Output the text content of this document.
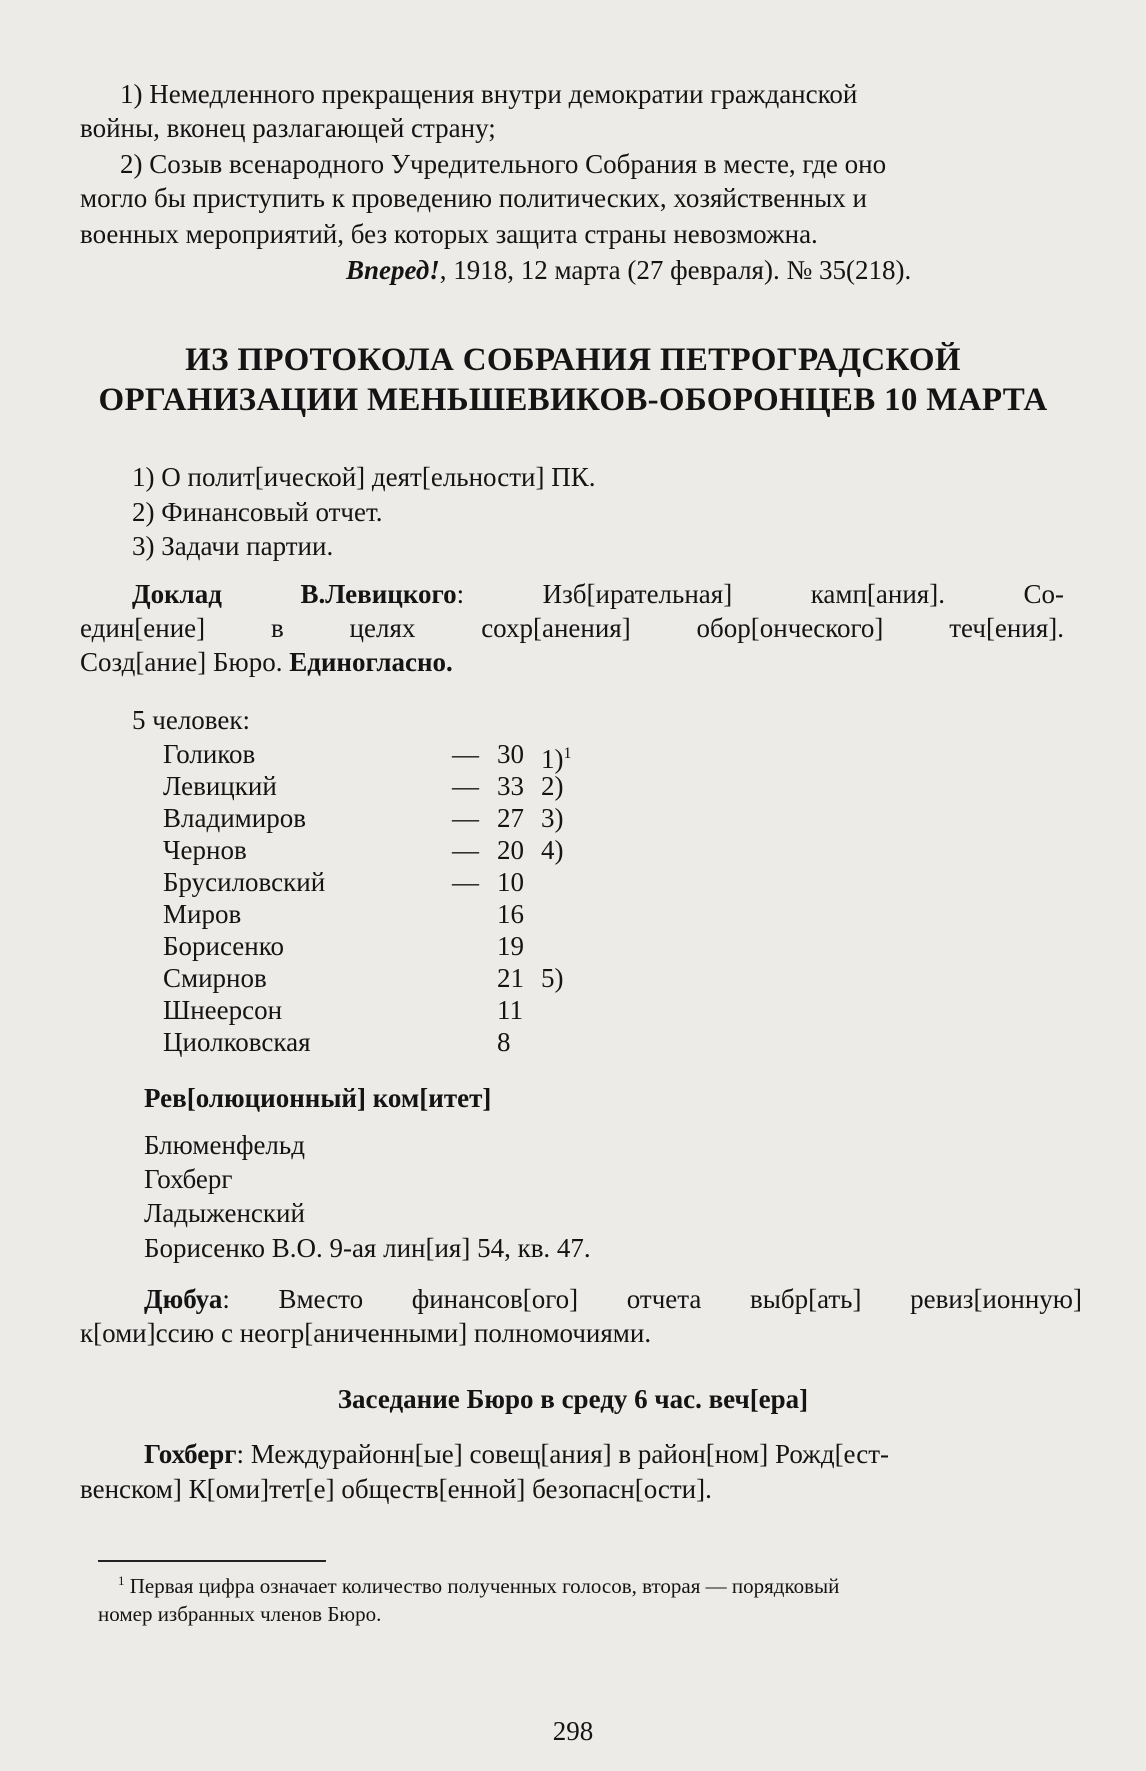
1) Немедленного прекращения внутри демократии гражданской
войны, вконец разлагающей страну;
2) Созыв всенародного Учредительного Собрания в месте, где оно
могло бы приступить к проведению политических, хозяйственных и
военных мероприятий, без которых защита страны невозможна.
Вперед!, 1918, 12 марта (27 февраля). № 35(218).
ИЗ ПРОТОКОЛА СОБРАНИЯ ПЕТРОГРАДСКОЙ
ОРГАНИЗАЦИИ МЕНЬШЕВИКОВ-ОБОРОНЦЕВ 10 МАРТА
1) О полит[ической] деят[ельности] ПК.
2) Финансовый отчет.
3) Задачи партии.
Доклад	В.Левицкого:	Изб[ирательная]	камп[ания].	Со-
един[ение] в целях сохр[анения] обор[ончеcкого] теч[ения].
Созд[ание] Бюро. Единогласно.
5 человек:
Голиков	— 30 1)$^1$
Левицкий	— 33 2)
Владимиров	— 27 3)
Чернов	— 20 4)
Брусиловский	— 10
Миров	16
Борисенко	19
Смирнов	21 5)
Шнеерсон	11
Циолковская	8
Рев[олюционный] ком[итет]
Блюменфельд
Гохберг
Ладыженский
Борисенко В.О. 9-ая лин[ия] 54, кв. 47.
Дюбуа: Вместо финансов[ого] отчета выбр[ать] ревиз[ионную]
к[оми]ссию с неогр[аниченными] полномочиями.
Заседание Бюро в среду 6 час. веч[ера]
Гохберг: Междурайонн[ые] совещ[ания] в район[ном] Рожд[ест-
венском] К[оми]тет[е] обществ[енной] безопасн[ости].
$^1$ Первая цифра означает количество полученных голосов, вторая — порядковый
номер избранных членов Бюро.
298
